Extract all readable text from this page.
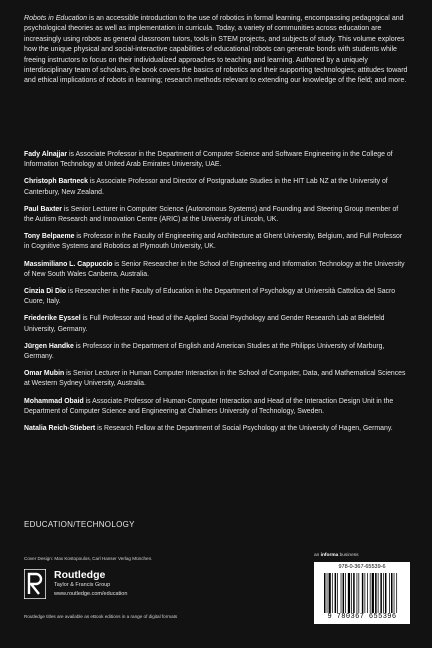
Robots in Education is an accessible introduction to the use of robotics in formal learning, encompassing pedagogical and psychological theories as well as implementation in curricula. Today, a variety of communities across education are increasingly using robots as general classroom tutors, tools in STEM projects, and subjects of study. This volume explores how the unique physical and social-interactive capabilities of educational robots can generate bonds with students while freeing instructors to focus on their individualized approaches to teaching and learning. Authored by a uniquely interdisciplinary team of scholars, the book covers the basics of robotics and their supporting technologies; attitudes toward and ethical implications of robots in learning; research methods relevant to extending our knowledge of the field; and more.

Fady Alnajjar is Associate Professor in the Department of Computer Science and Software Engineering in the College of Information Technology at United Arab Emirates University, UAE.

Christoph Bartneck is Associate Professor and Director of Postgraduate Studies in the HIT Lab NZ at the University of Canterbury, New Zealand.

Paul Baxter is Senior Lecturer in Computer Science (Autonomous Systems) and Founding and Steering Group member of the Autism Research and Innovation Centre (ARIC) at the University of Lincoln, UK.

Tony Belpaeme is Professor in the Faculty of Engineering and Architecture at Ghent University, Belgium, and Full Professor in Cognitive Systems and Robotics at Plymouth University, UK.

Massimiliano L. Cappuccio is Senior Researcher in the School of Engineering and Information Technology at the University of New South Wales Canberra, Australia.

Cinzia Di Dio is Researcher in the Faculty of Education in the Department of Psychology at Università Cattolica del Sacro Cuore, Italy.

Friederike Eyssel is Full Professor and Head of the Applied Social Psychology and Gender Research Lab at Bielefeld University, Germany.

Jürgen Handke is Professor in the Department of English and American Studies at the Philipps University of Marburg, Germany.

Omar Mubin is Senior Lecturer in Human Computer Interaction in the School of Computer, Data, and Mathematical Sciences at Western Sydney University, Australia.

Mohammad Obaid is Associate Professor of Human-Computer Interaction and Head of the Interaction Design Unit in the Department of Computer Science and Engineering at Chalmers University of Technology, Sweden.

Natalia Reich-Stiebert is Research Fellow at the Department of Social Psychology at the University of Hagen, Germany.

EDUCATION/TECHNOLOGY
Cover Design: Max Kostopoulos, Carl Hanser Verlag München.
Routledge
Taylor & Francis Group
www.routledge.com/education
Routledge titles are available as eBook editions in a range of digital formats
an informa business
978-0-367-65539-6
9 780367 655396
